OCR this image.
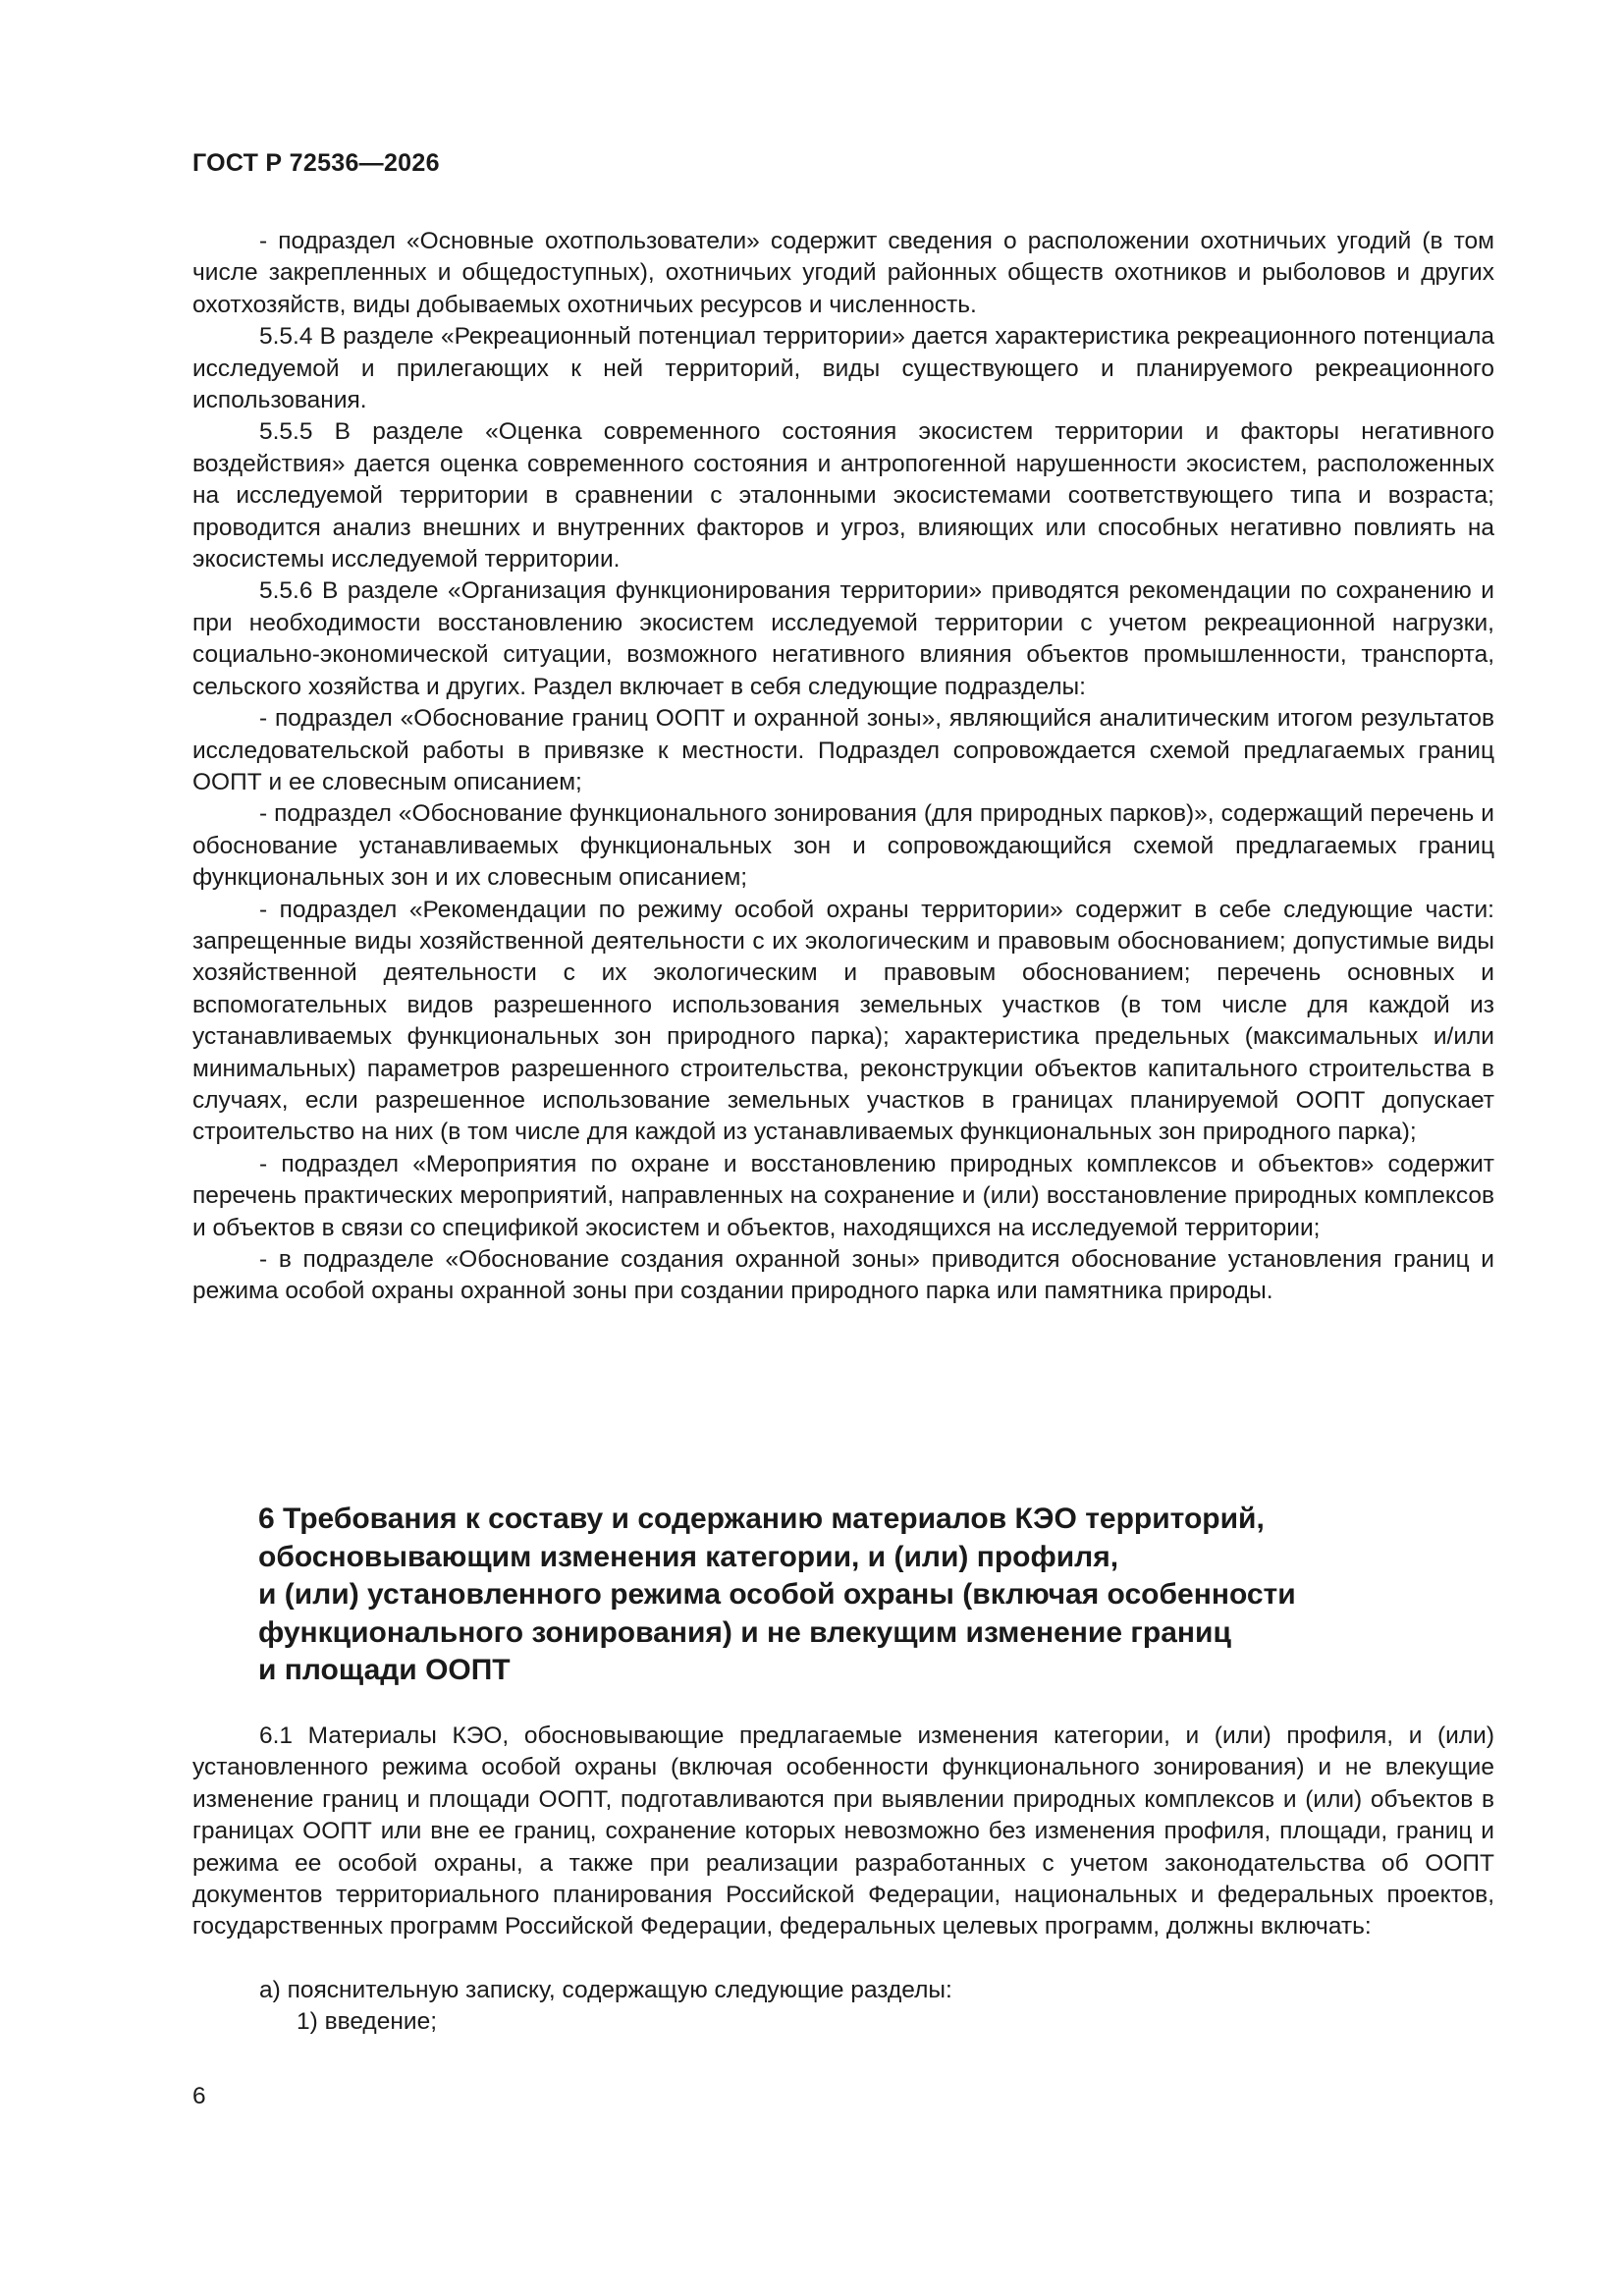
ГОСТ Р 72536—2026

- подраздел «Основные охотпользователи» содержит сведения о расположении охотничьих угодий (в том числе закрепленных и общедоступных), охотничьих угодий районных обществ охотников и рыболовов и других охотхозяйств, виды добываемых охотничьих ресурсов и численность.

5.5.4 В разделе «Рекреационный потенциал территории» дается характеристика рекреационного потенциала исследуемой и прилегающих к ней территорий, виды существующего и планируемого рекреационного использования.

5.5.5 В разделе «Оценка современного состояния экосистем территории и факторы негативного воздействия» дается оценка современного состояния и антропогенной нарушенности экосистем, расположенных на исследуемой территории в сравнении с эталонными экосистемами соответствующего типа и возраста; проводится анализ внешних и внутренних факторов и угроз, влияющих или способных негативно повлиять на экосистемы исследуемой территории.

5.5.6 В разделе «Организация функционирования территории» приводятся рекомендации по сохранению и при необходимости восстановлению экосистем исследуемой территории с учетом рекреационной нагрузки, социально-экономической ситуации, возможного негативного влияния объектов промышленности, транспорта, сельского хозяйства и других. Раздел включает в себя следующие подразделы:

- подраздел «Обоснование границ ООПТ и охранной зоны», являющийся аналитическим итогом результатов исследовательской работы в привязке к местности. Подраздел сопровождается схемой предлагаемых границ ООПТ и ее словесным описанием;

- подраздел «Обоснование функционального зонирования (для природных парков)», содержащий перечень и обоснование устанавливаемых функциональных зон и сопровождающийся схемой предлагаемых границ функциональных зон и их словесным описанием;

- подраздел «Рекомендации по режиму особой охраны территории» содержит в себе следующие части: запрещенные виды хозяйственной деятельности с их экологическим и правовым обоснованием; допустимые виды хозяйственной деятельности с их экологическим и правовым обоснованием; перечень основных и вспомогательных видов разрешенного использования земельных участков (в том числе для каждой из устанавливаемых функциональных зон природного парка); характеристика предельных (максимальных и/или минимальных) параметров разрешенного строительства, реконструкции объектов капитального строительства в случаях, если разрешенное использование земельных участков в границах планируемой ООПТ допускает строительство на них (в том числе для каждой из устанавливаемых функциональных зон природного парка);

- подраздел «Мероприятия по охране и восстановлению природных комплексов и объектов» содержит перечень практических мероприятий, направленных на сохранение и (или) восстановление природных комплексов и объектов в связи со спецификой экосистем и объектов, находящихся на исследуемой территории;

- в подразделе «Обоснование создания охранной зоны» приводится обоснование установления границ и режима особой охраны охранной зоны при создании природного парка или памятника природы.

6 Требования к составу и содержанию материалов КЭО территорий,
обосновывающим изменения категории, и (или) профиля,
и (или) установленного режима особой охраны (включая особенности
функционального зонирования) и не влекущим изменение границ
и площади ООПТ

6.1 Материалы КЭО, обосновывающие предлагаемые изменения категории, и (или) профиля, и (или) установленного режима особой охраны (включая особенности функционального зонирования) и не влекущие изменение границ и площади ООПТ, подготавливаются при выявлении природных комплексов и (или) объектов в границах ООПТ или вне ее границ, сохранение которых невозможно без изменения профиля, площади, границ и режима ее особой охраны, а также при реализации разработанных с учетом законодательства об ООПТ документов территориального планирования Российской Федерации, национальных и федеральных проектов, государственных программ Российской Федерации, федеральных целевых программ, должны включать:

а) пояснительную записку, содержащую следующие разделы:
1) введение;
6
